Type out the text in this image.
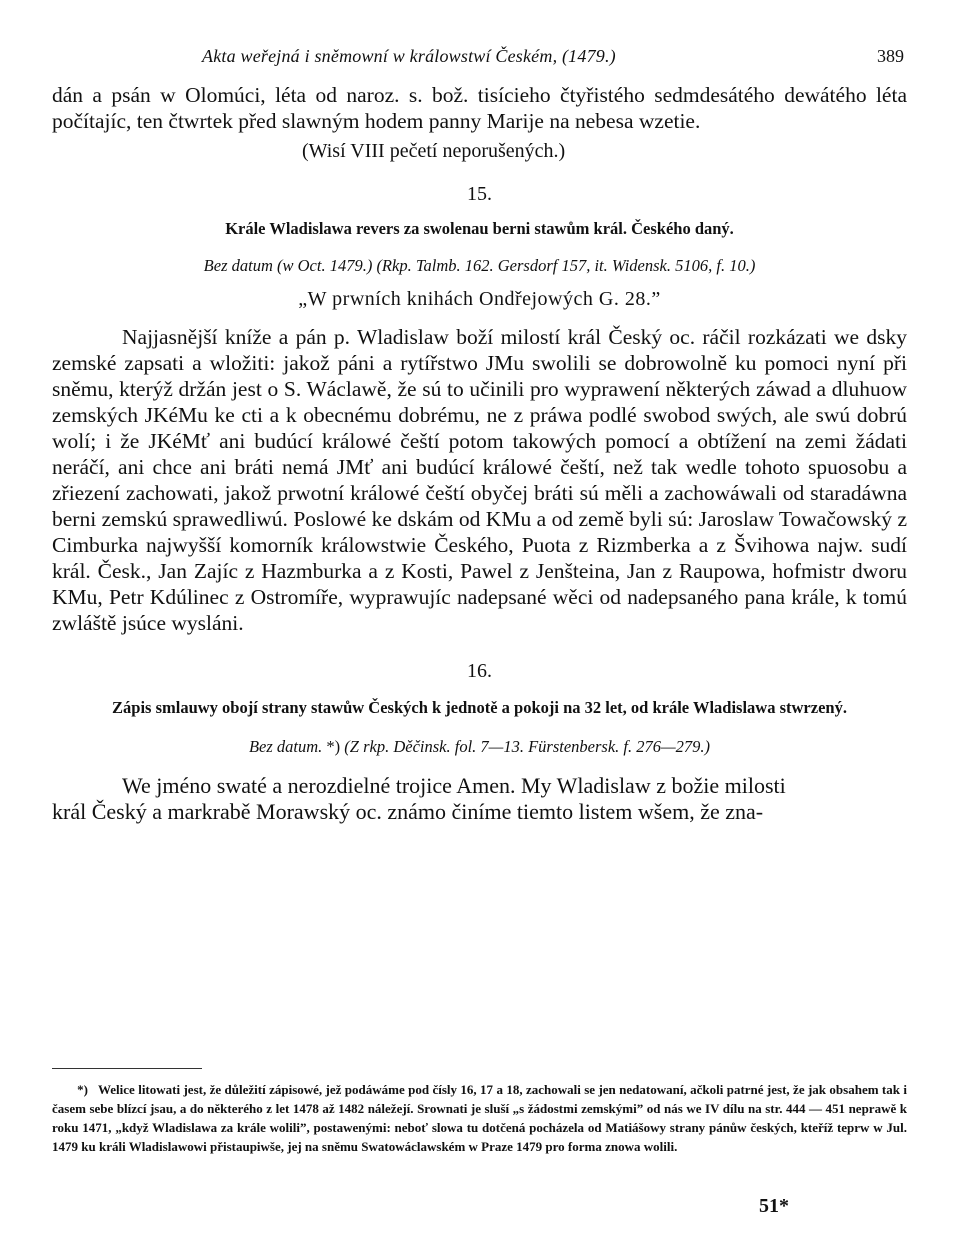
Akta weřejná i sněmowní w králowstwí Českém, (1479.)	389

dán a psán w Olomúci, léta od naroz. s. bož. tisícieho čtyřistého sedmdesátého dewátého léta počítajíc, ten čtwrtek před slawným hodem panny Marije na nebesa wzetie.

(Wisí VIII pečetí neporušených.)

15.
Krále Wladislawa revers za swolenau berni stawům král. Českého daný.
Bez datum (w Oct. 1479.) (Rkp. Talmb. 162. Gersdorf 157, it. Widensk. 5106, f. 10.)
„W prwních knihách Ondřejowých G. 28.”

Najjasnější kníže a pán p. Wladislaw boží milostí král Český oc. ráčil rozkázati we dsky zemské zapsati a wložiti: jakož páni a rytířstwo JMu swolili se dobrowolně ku pomoci nyní při sněmu, kterýž držán jest o S. Wáclawě, že sú to učinili pro wyprawení některých záwad a dluhuow zemských JKéMu ke cti a k obecnému dobrému, ne z práwa podlé swobod swých, ale swú dobrú wolí; i že JKéMť ani budúcí králowé čeští potom takowých pomocí a obtížení na zemi žádati neráčí, ani chce ani bráti nemá JMť ani budúcí králowé čeští, než tak wedle tohoto spuosobu a zřiezení zachowati, jakož prwotní králowé čeští obyčej bráti sú měli a zachowáwali od staradáwna berni zemskú sprawedliwú. Poslowé ke dskám od KMu a od země byli sú: Jaroslaw Towačowský z Cimburka najwyšší komorník králowstwie Českého, Puota z Rizmberka a z Švihowa najw. sudí král. Česk., Jan Zajíc z Hazmburka a z Kosti, Pawel z Jenšteina, Jan z Raupowa, hofmistr dworu KMu, Petr Kdúlinec z Ostromíře, wyprawujíc nadepsané wěci od nadepsaného pana krále, k tomú zwláště jsúce wysláni.

16.
Zápis smlauwy obojí strany stawůw Českých k jednotě a pokoji na 32 let, od krále Wladislawa stwrzený.
Bez datum. *) (Z rkp. Děčinsk. fol. 7—13. Fürstenbersk. f. 276—279.)

We jméno swaté a nerozdielné trojice Amen. My Wladislaw z božie milosti

král Český a markrabě Morawský oc. známo činíme tiemto listem wšem, že zna-

*) Welice litowati jest, že důležití zápisowé, jež podáwáme pod čísly 16, 17 a 18, zachowali se jen nedatowaní, ačkoli patrné jest, že jak obsahem tak i časem sebe blízcí jsau, a do některého z let 1478 až 1482 náležejí. Srownati je sluší „s žádostmi zemskými” od nás we IV dílu na str. 444 — 451 neprawě k roku 1471, „když Wladislawa za krále wolili”, postawenými: neboť slowa tu dotčená pocházela od Matiášowy strany pánůw českých, kteříž teprw w Jul. 1479 ku králi Wladislawowi přistaupiwše, jej na sněmu Swatowáclawském w Praze 1479 pro forma znowa wolili.
51*
